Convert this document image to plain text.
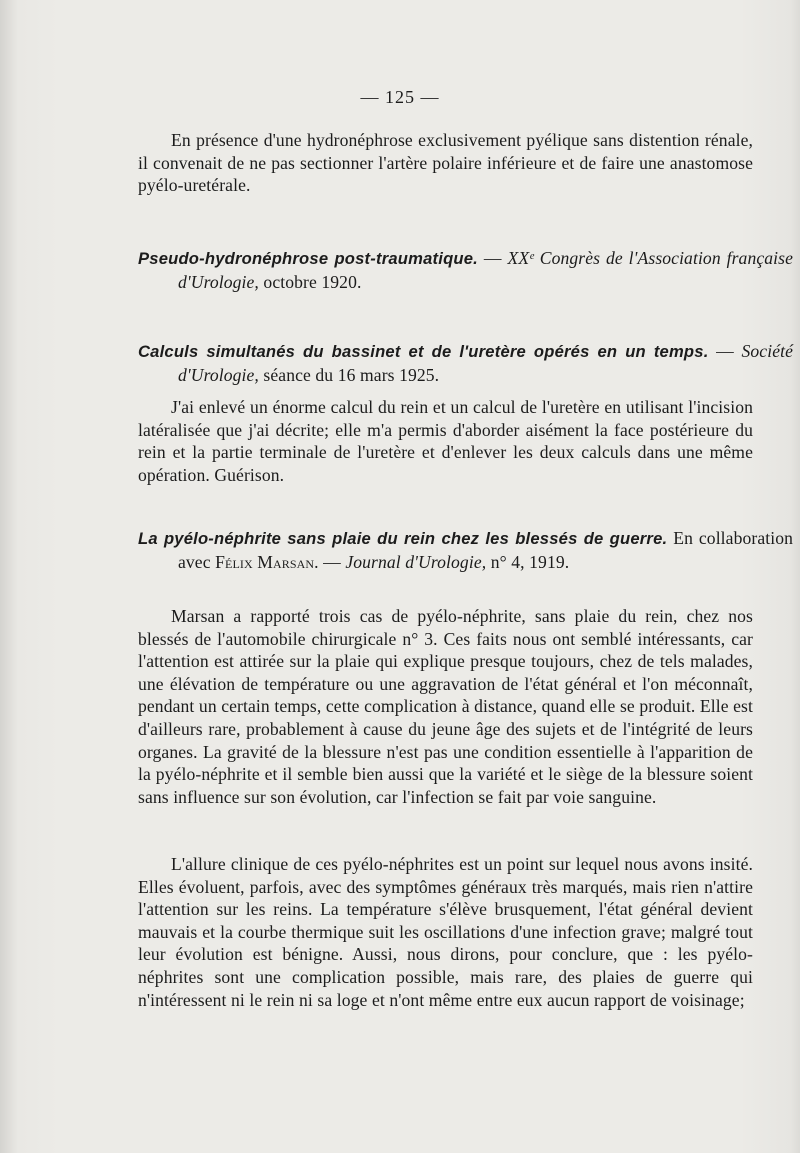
— 125 —
En présence d'une hydronéphrose exclusivement pyélique sans distention rénale, il convenait de ne pas sectionner l'artère polaire inférieure et de faire une anastomose pyélo-uretérale.
Pseudo-hydronéphrose post-traumatique. — XXᵉ Congrès de l'Association française d'Urologie, octobre 1920.
Calculs simultanés du bassinet et de l'uretère opérés en un temps. — Société d'Urologie, séance du 16 mars 1925.
J'ai enlevé un énorme calcul du rein et un calcul de l'uretère en utilisant l'incision latéralisée que j'ai décrite; elle m'a permis d'aborder aisément la face postérieure du rein et la partie terminale de l'uretère et d'enlever les deux calculs dans une même opération. Guérison.
La pyélo-néphrite sans plaie du rein chez les blessés de guerre. En collaboration avec Félix Marsan. — Journal d'Urologie, n° 4, 1919.
Marsan a rapporté trois cas de pyélo-néphrite, sans plaie du rein, chez nos blessés de l'automobile chirurgicale n° 3. Ces faits nous ont semblé intéressants, car l'attention est attirée sur la plaie qui explique presque toujours, chez de tels malades, une élévation de température ou une aggravation de l'état général et l'on méconnaît, pendant un certain temps, cette complication à distance, quand elle se produit. Elle est d'ailleurs rare, probablement à cause du jeune âge des sujets et de l'intégrité de leurs organes. La gravité de la blessure n'est pas une condition essentielle à l'apparition de la pyélo-néphrite et il semble bien aussi que la variété et le siège de la blessure soient sans influence sur son évolution, car l'infection se fait par voie sanguine.
L'allure clinique de ces pyélo-néphrites est un point sur lequel nous avons insité. Elles évoluent, parfois, avec des symptômes généraux très marqués, mais rien n'attire l'attention sur les reins. La température s'élève brusquement, l'état général devient mauvais et la courbe thermique suit les oscillations d'une infection grave; malgré tout leur évolution est bénigne. Aussi, nous dirons, pour conclure, que : les pyélo-néphrites sont une complication possible, mais rare, des plaies de guerre qui n'intéressent ni le rein ni sa loge et n'ont même entre eux aucun rapport de voisinage;
